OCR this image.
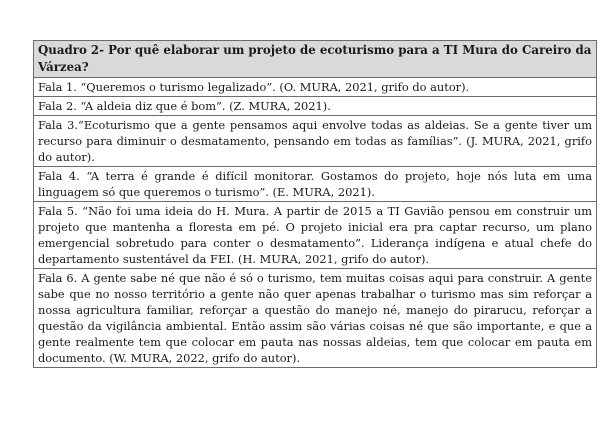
Quadro 2- Por quê elaborar um projeto de ecoturismo para a TI Mura do Careiro da Várzea?
Fala 1. “Queremos o turismo legalizado”. (O. MURA, 2021, grifo do autor).
Fala 2. “A aldeia diz que é bom”. (Z. MURA, 2021).
Fala 3.“Ecoturismo que a gente pensamos aqui envolve todas as aldeias. Se a gente tiver um recurso para diminuir o desmatamento, pensando em todas as famílias”. (J. MURA, 2021, grifo do autor).
Fala 4. “A terra é grande é difícil monitorar. Gostamos do projeto, hoje nós luta em uma linguagem só que queremos o turismo”. (E. MURA, 2021).
Fala 5. “Não foi uma ideia do H. Mura. A partir de 2015 a TI Gavião pensou em construir um projeto que mantenha a floresta em pé. O projeto inicial era pra captar recurso, um plano emergencial sobretudo para conter o desmatamento”. Liderança indígena e atual chefe do departamento sustentável da FEI. (H. MURA, 2021, grifo do autor).
Fala 6. A gente sabe né que não é só o turismo, tem muitas coisas aqui para construir. A gente sabe que no nosso território a gente não quer apenas trabalhar o turismo mas sim reforçar a nossa agricultura familiar, reforçar a questão do manejo né, manejo do pirarucu, reforçar a questão da vigilância ambiental. Então assim são várias coisas né que são importante, e que a gente realmente tem que colocar em pauta nas nossas aldeias, tem que colocar em pauta em documento. (W. MURA, 2022, grifo do autor).
